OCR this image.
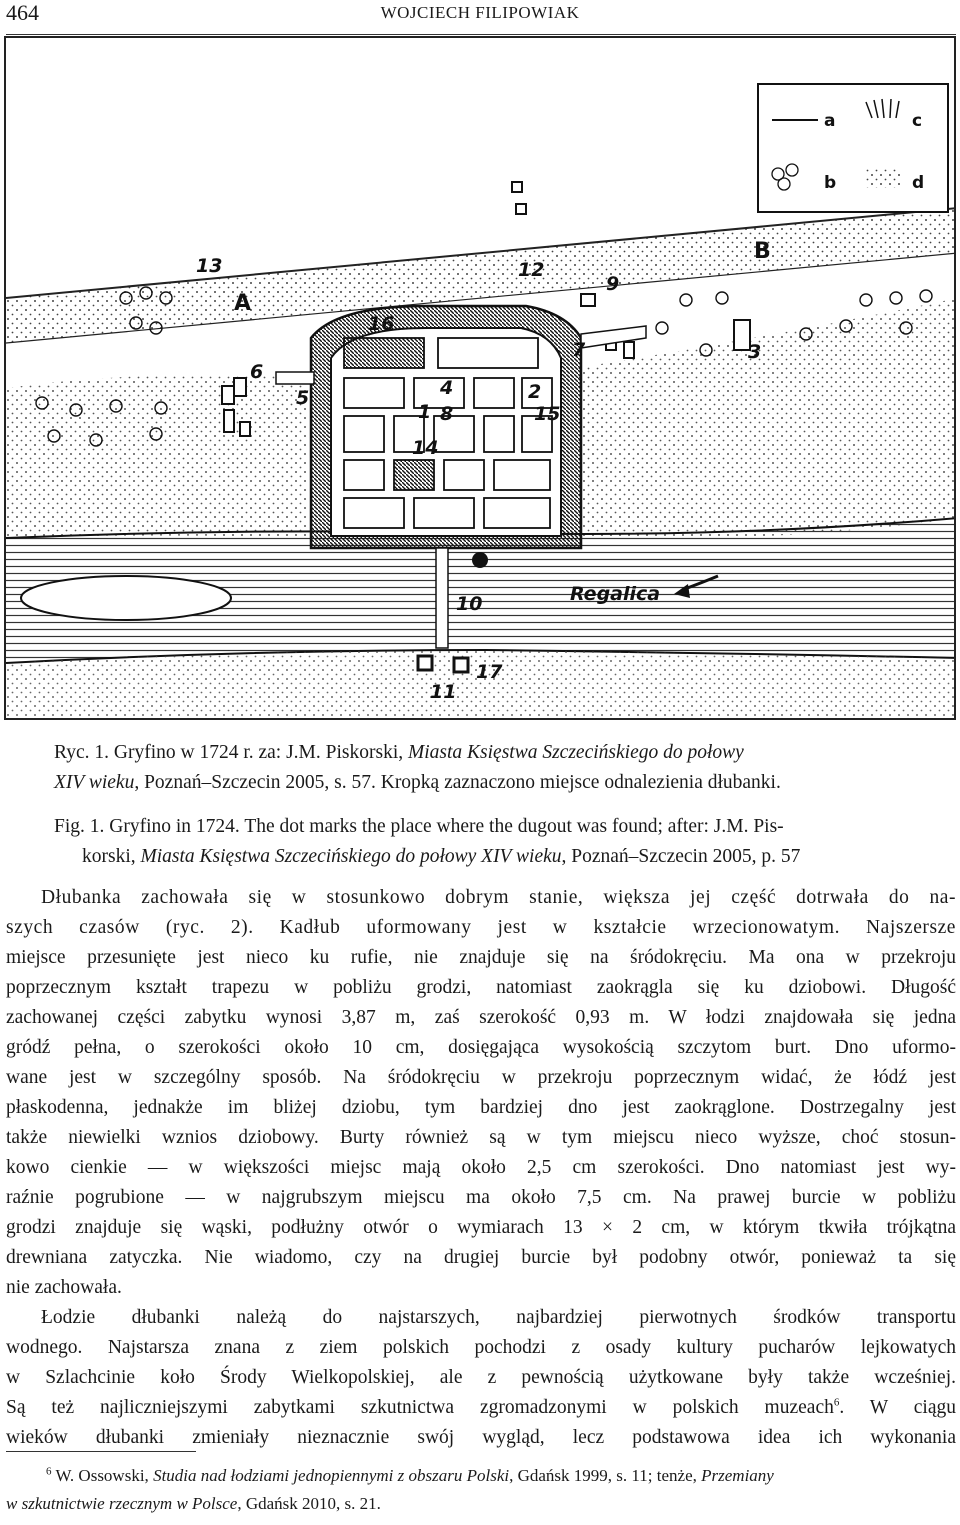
464	WOJCIECH FILIPOWIAK
a	c
b	d
A
B
13	12
9
16
7
6
3
5	4	2
1 8	15
14
10
17
11
Regalica
Ryc. 1. Gryfino w 1724 r. za: J.M. Piskorski, Miasta Księstwa Szczecińskiego do połowy
XIV wieku, Poznań–Szczecin 2005, s. 57. Kropką zaznaczono miejsce odnalezienia dłubanki.
Fig. 1. Gryfino in 1724. The dot marks the place where the dugout was found; after: J.M. Pis-
korski, Miasta Księstwa Szczecińskiego do połowy XIV wieku, Poznań–Szczecin 2005, p. 57
Dłubanka zachowała się w stosunkowo dobrym stanie, większa jej część dotrwała do na-
szych czasów (ryc. 2). Kadłub uformowany jest w kształcie wrzecionowatym. Najszersze
miejsce przesunięte jest nieco ku rufie, nie znajduje się na śródokręciu. Ma ona w przekroju
poprzecznym kształt trapezu w pobliżu grodzi, natomiast zaokrągla się ku dziobowi. Długość
zachowanej części zabytku wynosi 3,87 m, zaś szerokość 0,93 m. W łodzi znajdowała się jedna
gródź pełna, o szerokości około 10 cm, dosięgająca wysokością szczytom burt. Dno uformo-
wane jest w szczególny sposób. Na śródokręciu w przekroju poprzecznym widać, że łódź jest
płaskodenna, jednakże im bliżej dziobu, tym bardziej dno jest zaokrąglone. Dostrzegalny jest
także niewielki wznios dziobowy. Burty również są w tym miejscu nieco wyższe, choć stosun-
kowo cienkie — w większości miejsc mają około 2,5 cm szerokości. Dno natomiast jest wy-
raźnie pogrubione — w najgrubszym miejscu ma około 7,5 cm. Na prawej burcie w pobliżu
grodzi znajduje się wąski, podłużny otwór o wymiarach 13 × 2 cm, w którym tkwiła trójkątna
drewniana zatyczka. Nie wiadomo, czy na drugiej burcie był podobny otwór, ponieważ ta się
nie zachowała.
Łodzie dłubanki należą do najstarszych, najbardziej pierwotnych środków transportu
wodnego. Najstarsza znana z ziem polskich pochodzi z osady kultury pucharów lejkowatych
w Szlachcinie koło Środy Wielkopolskiej, ale z pewnością użytkowane były także wcześniej.
Są też najliczniejszymi zabytkami szkutnictwa zgromadzonymi w polskich muzeach$^6$. W ciągu
wieków dłubanki zmieniały nieznacznie swój wygląd, lecz podstawowa idea ich wykonania
$^6$ W. Ossowski, Studia nad łodziami jednopiennymi z obszaru Polski, Gdańsk 1999, s. 11; tenże, Przemiany
w szkutnictwie rzecznym w Polsce, Gdańsk 2010, s. 21.
